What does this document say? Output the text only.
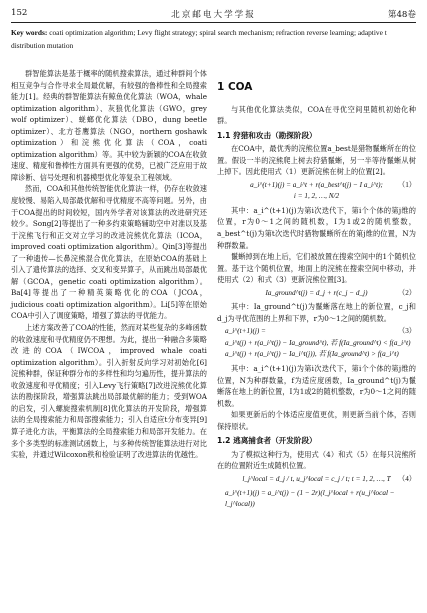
152	北京邮电大学学报	第48卷
Key words: coati optimization algorithm; Levy flight strategy; spiral search mechanism; refraction reverse learning; adaptive t distribution mutation

群智能算法是基于概率的随机搜索算法，通过种群间个体相互竞争与合作寻求全局最优解，有较强的鲁棒性和全局搜索能力[1]。经典的群智能算法有鲸鱼优化算法（WOA，whale optimization algorithm）、灰狼优化算法（GWO，grey wolf optimizer）、蜣螂优化算法（DBO，dung beetle optimizer）、北方苍鹰算法（NGO，northern goshawk optimization）和浣熊优化算法（COA，coati optimization algorithm）等。其中较为新颖的COA在收敛速度、精度和鲁棒性方面具有更强的优势，已被广泛应用于故障诊断、信号处理和机器模型优化等复杂工程领域。

然而，COA和其他传统智能优化算法一样，仍存在收敛速度较慢、易陷入局部最优解和寻优精度不高等问题。另外，由于COA提出的时间较短，国内外学者对该算法的改进研究还较少。Song[2]等提出了一种多约束策略辅助空中对准以及基于浣熊飞行和正交对立学习的改进浣熊优化算法（ICOA，improved coati optimization algorithm）。Qin[3]等提出了一种遗传—长鼻浣熊混合优化算法，在原始COA的基础上引入了遗传算法的选择、交叉和变异算子，从而跳出局部最优解（GCOA，genetic coati optimization algorithm）。Ba[4]等提出了一种精英策略优化的COA（JCOA，judicious coati optimization algorithm）。Li[5]等在原始COA中引入了调度策略，增强了算法的寻优能力。

上述方案改善了COA的性能，然而对某些复杂的多峰函数的收敛速度和寻优精度仍不理想。为此，提出一种融合多策略改进的COA（IWCOA，improved whale coati optimization algorithm）。引入折射反向学习对初始化[6]浣熊种群，保证种群分布的多样性和均匀遍历性，提升算法的收敛速度和寻优精度；引入Levy飞行策略[7]改进浣熊优化算法的勘探阶段，增强算法跳出局部最优解的能力；受到WOA的启发，引入螺旋搜索机制[8]优化算法的开发阶段，增强算法的全局搜索能力和局部搜索能力；引入自适应t分布变异[9]算子进化方法，平衡算法的全局搜索能力和局部开发能力。在多个多类型的标准测试函数上，与多种传统智能算法进行对比实验，并通过Wilcoxon秩和检验证明了改进算法的优越性。

1 COA

与其他优化算法类似，COA在寻优空间里随机初始化种群。

1.1 狩猎和攻击（勘探阶段）

在COA中，最优秀的浣熊位置a_best是猎物鬣蜥所在的位置。假设一半的浣熊爬上树去狩猎鬣蜥，另一半等待鬣蜥从树上掉下。因此使用式（1）更新浣熊在树上的位置[2]。

a_i^(t+1)(j) = a_i^t + r(a_best^t(j) − I a_i^t);
i = 1, 2, …, N/2
（1）

其中：a_i^(t+1)(j)为第i次迭代下，第i个个体的第j维的位置，r为0～1之间的随机数，I为1或2的随机整数，a_best^t(j)为第t次迭代时猎物鬣蜥所在的第j维的位置，N为种群数量。

鬣蜥掉到在地上后，它们被放置在搜索空间中的1个随机位置。基于这个随机位置，地面上的浣熊在搜索空间中移动，并使用式（2）和式（3）更新浣熊位置[3]。

Ia_ground^t(j) = d_j + r(c_j − d_j)	（2）

其中：Ia_ground^t(j)为鬣蜥落在地上的新位置，c_j和d_j为寻优范围的上界和下界，r为0～1之间的随机数。

a_i^(t+1)(j) =
a_i^t(j) + r(a_i^t(j) − Ia_ground^t), 若 f(Ia_ground^t) < f(a_i^t)
a_i^t(j) + r(a_i^t(j) − Ia_i^t(j)), 若 f(Ia_ground^t) > f(a_i^t)
（3）

其中：a_i^(t+1)(j)为第i次迭代下，第i个个体的第j维的位置，N为种群数量，f为适应度函数，Ia_ground^t(j)为鬣蜥落在地上的新位置，I为1或2的随机整数，r为0～1之间的随机数。

如果更新后的个体适应度值更优，则更新当前个体，否则保持原状。

1.2 逃离捕食者（开发阶段）

为了模拟这种行为，使用式（4）和式（5）在每只浣熊所在的位置附近生成随机位置。

l_j^local = d_j / t, u_j^local = c_j / t; t = 1, 2, …, T	（4）
a_i^(t+1)(j) = a_i^t(j) − (1 − 2r)(l_j^local + r(u_j^local − l_j^local))
